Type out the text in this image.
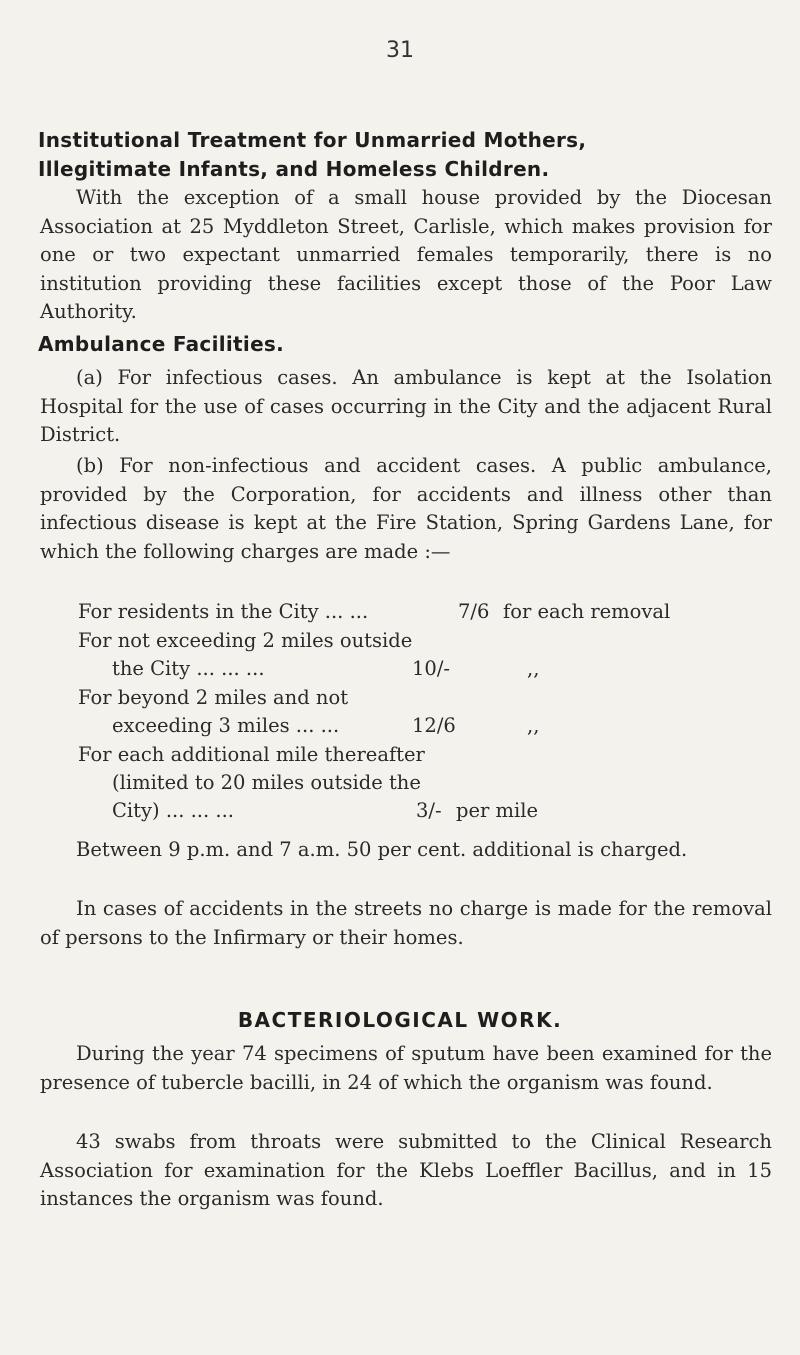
31
Institutional Treatment for Unmarried Mothers,
Illegitimate Infants, and Homeless Children.
With the exception of a small house provided by the Diocesan Association at 25 Myddleton Street, Carlisle, which makes provision for one or two expectant unmarried females temporarily, there is no institution providing these facilities except those of the Poor Law Authority.
Ambulance Facilities.
(a) For infectious cases. An ambulance is kept at the Isolation Hospital for the use of cases occurring in the City and the adjacent Rural District.
(b) For non-infectious and accident cases. A public ambulance, provided by the Corporation, for accidents and illness other than infectious disease is kept at the Fire Station, Spring Gardens Lane, for which the following charges are made :—
For residents in the City ... ...	7/6 for each removal
For not exceeding 2 miles outside
the City ... ... ...	10/-	,,
For beyond 2 miles and not
exceeding 3 miles ... ...	12/6	,,
For each additional mile thereafter
(limited to 20 miles outside the
City) ... ... ...	3/- per mile
Between 9 p.m. and 7 a.m. 50 per cent. additional is charged.
In cases of accidents in the streets no charge is made for the removal of persons to the Infirmary or their homes.
BACTERIOLOGICAL WORK.
During the year 74 specimens of sputum have been examined for the presence of tubercle bacilli, in 24 of which the organism was found.
43 swabs from throats were submitted to the Clinical Research Association for examination for the Klebs Loeffler Bacillus, and in 15 instances the organism was found.
